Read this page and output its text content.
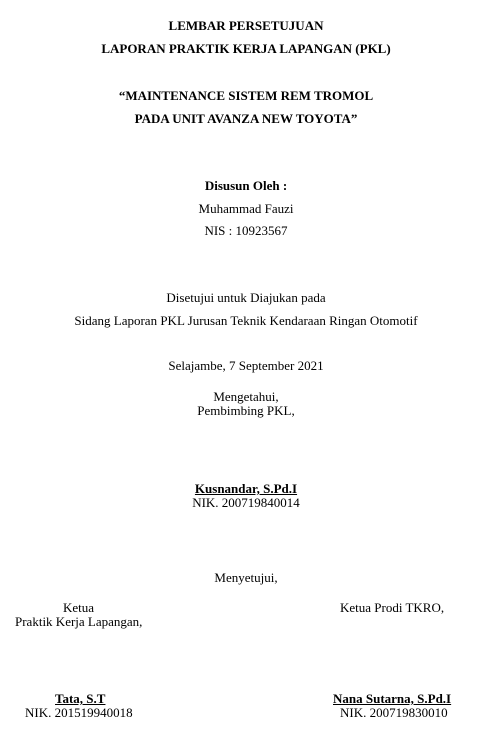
LEMBAR PERSETUJUAN
LAPORAN PRAKTIK KERJA LAPANGAN (PKL)
“MAINTENANCE SISTEM REM TROMOL
PADA UNIT AVANZA NEW TOYOTA”
Disusun Oleh :
Muhammad Fauzi
NIS : 10923567
Disetujui untuk Diajukan pada
Sidang Laporan PKL Jurusan Teknik Kendaraan Ringan Otomotif
Selajambe, 7 September 2021
Mengetahui,
Pembimbing PKL,
Kusnandar, S.Pd.I
NIK. 200719840014
Menyetujui,
Ketua
Praktik Kerja Lapangan,
Ketua Prodi TKRO,
Tata, S.T
NIK. 201519940018
Nana Sutarna, S.Pd.I
NIK. 200719830010
